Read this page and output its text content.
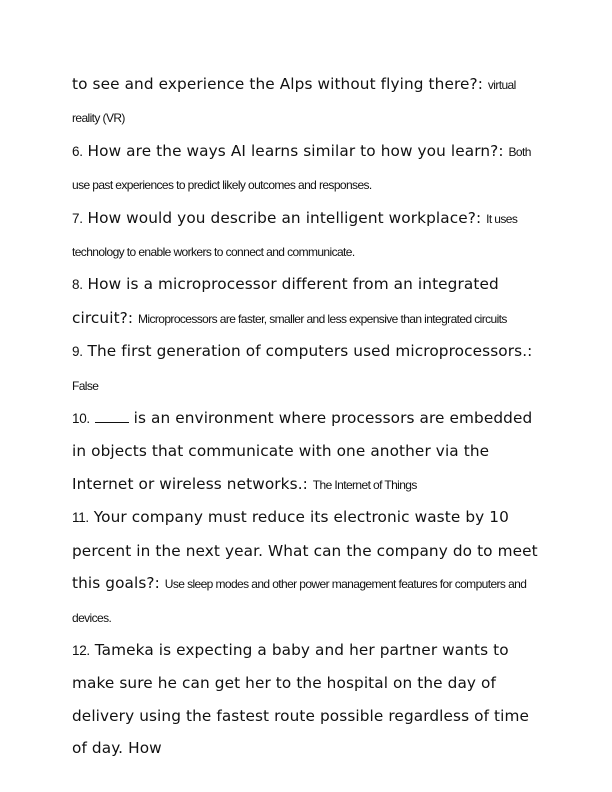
to see and experience the Alps without flying there?: virtual reality (VR)

6. How are the ways AI learns similar to how you learn?: Both use past experiences to predict likely outcomes and responses.

7. How would you describe an intelligent workplace?: It uses technology to enable workers to connect and communicate.

8. How is a microprocessor different from an integrated circuit?: Microprocessors are faster, smaller and less expensive than integrated circuits

9. The first generation of computers used microprocessors.: False

10.	is an environment where processors are embedded in objects that communicate with one another via the Internet or wireless networks.: The Internet of Things

11. Your company must reduce its electronic waste by 10 percent in the next year. What can the company do to meet this goals?: Use sleep modes and other power management features for computers and devices.

12. Tameka is expecting a baby and her partner wants to make sure he can get her to the hospital on the day of delivery using the fastest route possible regardless of time of day. How
